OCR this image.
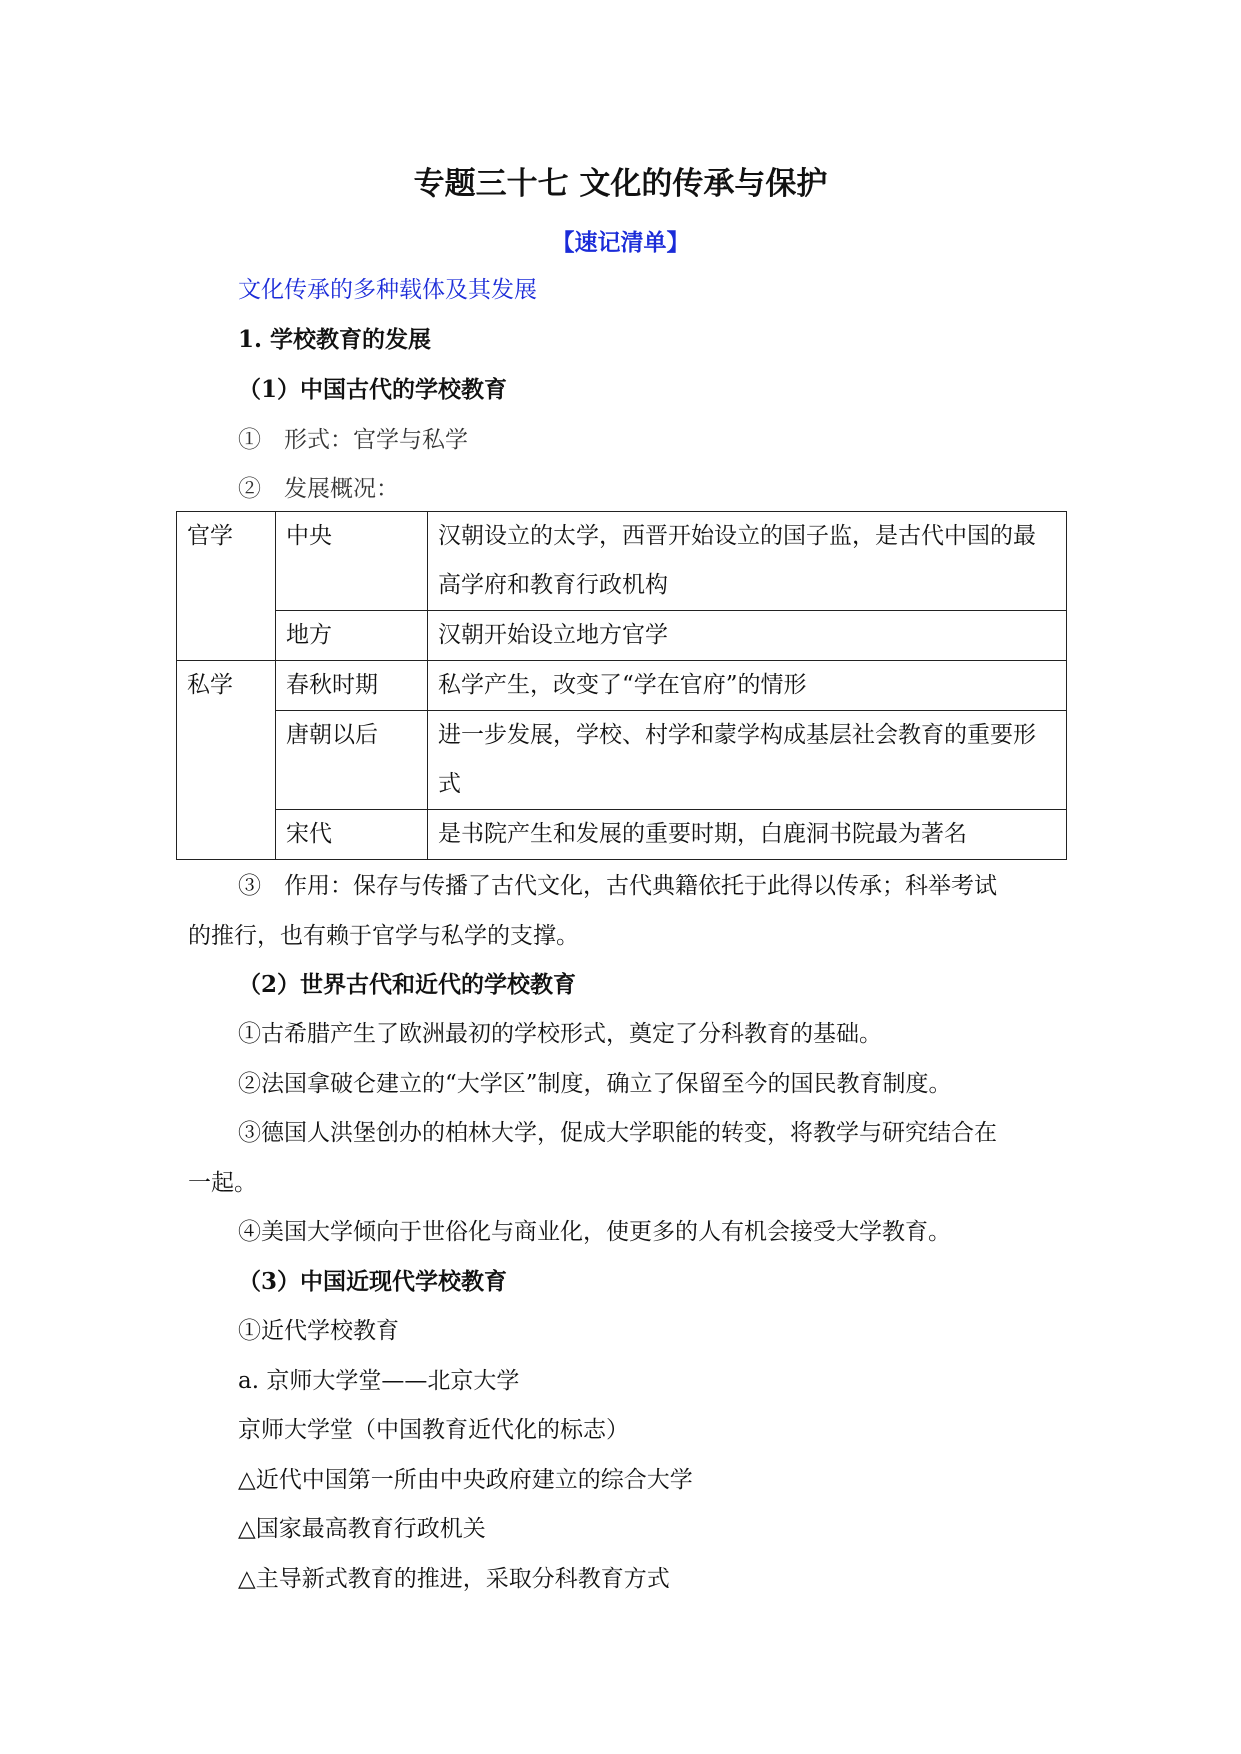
专题三十七 文化的传承与保护
【速记清单】
文化传承的多种载体及其发展
1. 学校教育的发展
（1）中国古代的学校教育
①　形式：官学与私学
②　发展概况：
官学	中央	汉朝设立的太学，西晋开始设立的国子监，是古代中国的最高学府和教育行政机构
	地方	汉朝开始设立地方官学
私学	春秋时期	私学产生，改变了“学在官府”的情形
	唐朝以后	进一步发展，学校、村学和蒙学构成基层社会教育的重要形式
	宋代	是书院产生和发展的重要时期，白鹿洞书院最为著名
③　作用：保存与传播了古代文化，古代典籍依托于此得以传承；科举考试
的推行，也有赖于官学与私学的支撑。
（2）世界古代和近代的学校教育
①古希腊产生了欧洲最初的学校形式，奠定了分科教育的基础。
②法国拿破仑建立的“大学区”制度，确立了保留至今的国民教育制度。
③德国人洪堡创办的柏林大学，促成大学职能的转变，将教学与研究结合在
一起。
④美国大学倾向于世俗化与商业化，使更多的人有机会接受大学教育。
（3）中国近现代学校教育
①近代学校教育
a. 京师大学堂——北京大学
京师大学堂（中国教育近代化的标志）
△近代中国第一所由中央政府建立的综合大学
△国家最高教育行政机关
△主导新式教育的推进，采取分科教育方式
